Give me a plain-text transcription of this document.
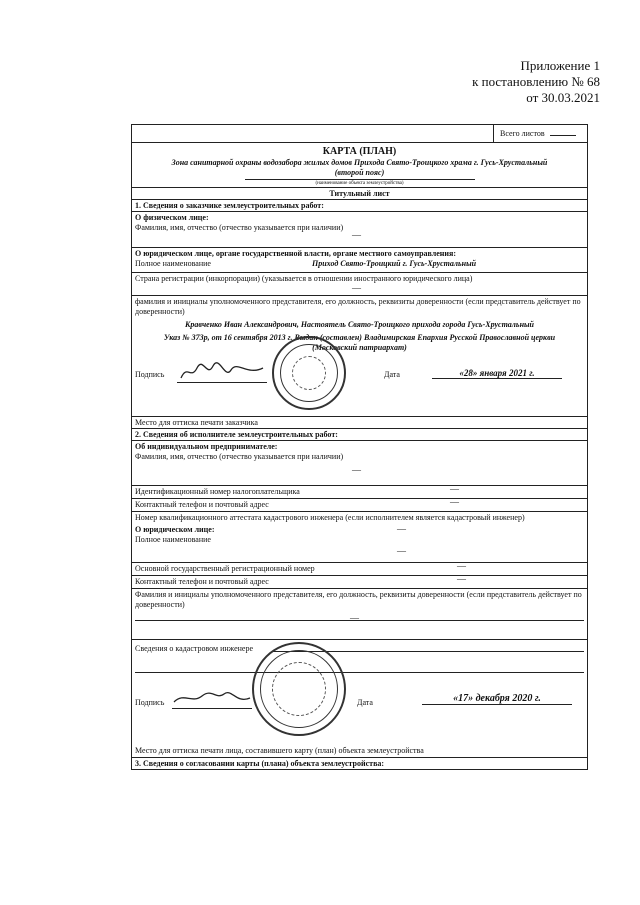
Приложение 1
к постановлению № 68
от 30.03.2021
Всего листов
КАРТА (ПЛАН)
Зона санитарной охраны водозабора жилых домов Прихода Свято-Троицкого храма г. Гусь-Хрустальный
(второй пояс)
(наименование объекта землеустройства)
Титульный лист
1. Сведения о заказчике землеустроительных работ:
О физическом лице:
Фамилия, имя, отчество (отчество указывается при наличии)
—
О юридическом лице, органе государственной власти, органе местного самоуправления:
Полное наименование	Приход Свято-Троицкий г. Гусь-Хрустальный
Страна регистрации (инкорпорации) (указывается в отношении иностранного юридического лица)
—
фамилия и инициалы уполномоченного представителя, его должность, реквизиты доверенности (если представитель действует по доверенности)
Кравченко Иван Александрович, Настоятель Свято-Троицкого прихода города Гусь-Хрустальный
Указ № 373р, от 16 сентября 2013 г. Выдан (составлен) Владимирская Епархия Русской Православной церкви
(Московский патриархат)
Подпись	Дата	«28» января 2021 г.
Место для оттиска печати заказчика
2. Сведения об исполнителе землеустроительных работ:
Об индивидуальном предпринимателе:
Фамилия, имя, отчество (отчество указывается при наличии)
—
Идентификационный номер налогоплательщика	—
Контактный телефон и почтовый адрес	—
Номер квалификационного аттестата кадастрового инженера (если исполнителем является кадастровый инженер)
—
О юридическом лице:
Полное наименование
—
Основной государственный регистрационный номер	—
Контактный телефон и почтовый адрес	—
Фамилия и инициалы уполномоченного представителя, его должность, реквизиты доверенности (если представитель действует по доверенности)
—
Сведения о кадастровом инженере
Подпись	Дата	«17» декабря 2020 г.
Место для оттиска печати лица, составившего карту (план) объекта землеустройства
3. Сведения о согласовании карты (плана) объекта землеустройства:
